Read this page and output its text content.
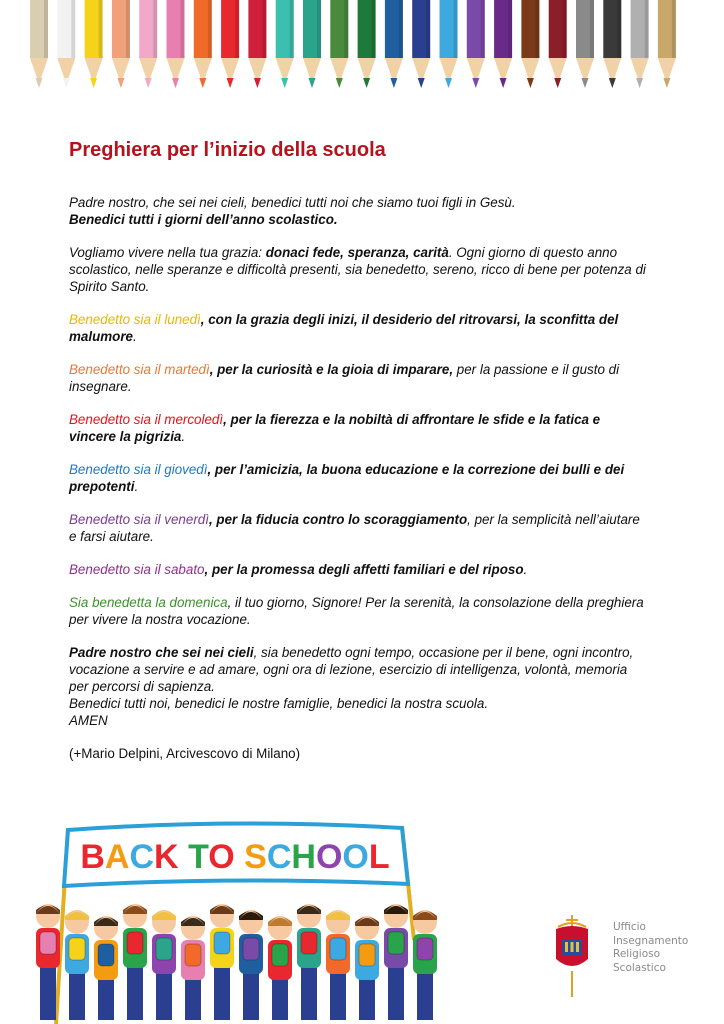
Preghiera per l’inizio della scuola

Padre nostro, che sei nei cieli, benedici tutti noi che siamo tuoi figli in Gesù.
Benedici tutti i giorni dell’anno scolastico.

Vogliamo vivere nella tua grazia: donaci fede, speranza, carità. Ogni giorno di questo anno scolastico, nelle speranze e difficoltà presenti, sia benedetto, sereno, ricco di bene per potenza di Spirito Santo.

Benedetto sia il lunedì, con la grazia degli inizi, il desiderio del ritrovarsi, la sconfitta del malumore.

Benedetto sia il martedì, per la curiosità e la gioia di imparare, per la passione e il gusto di insegnare.

Benedetto sia il mercoledì, per la fierezza e la nobiltà di affrontare le sfide e la fatica e vincere la pigrizia.

Benedetto sia il giovedì, per l’amicizia, la buona educazione e la correzione dei bulli e dei prepotenti.

Benedetto sia il venerdì, per la fiducia contro lo scoraggiamento, per la semplicità nell’aiutare e farsi aiutare.

Benedetto sia il sabato, per la promessa degli affetti familiari e del riposo.

Sia benedetta la domenica, il tuo giorno, Signore! Per la serenità, la consolazione della preghiera per vivere la nostra vocazione.

Padre nostro che sei nei cieli, sia benedetto ogni tempo, occasione per il bene, ogni incontro, vocazione a servire e ad amare, ogni ora di lezione, esercizio di intelligenza, volontà, memoria per percorsi di sapienza.
Benedici tutti noi, benedici le nostre famiglie, benedici la nostra scuola.
AMEN

(+Mario Delpini, Arcivescovo di Milano)

BACK TO SCHOOL
Ufficio
Insegnamento
Religioso
Scolastico
